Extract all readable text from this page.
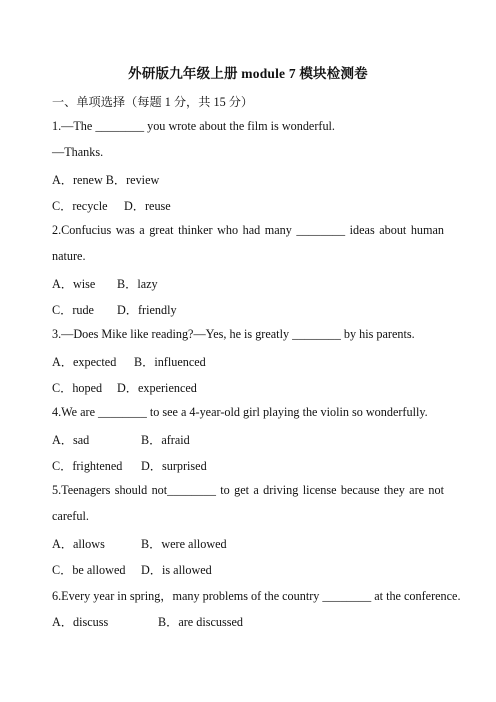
外研版九年级上册 module 7 模块检测卷
一、单项选择（每题 1 分，共 15 分）
1.—The ________ you wrote about the film is wonderful.
—Thanks.
A．renew B．review
C．recycle D．reuse
2.Confucius was a great thinker who had many ________ ideas about human
nature.
A．wise B．lazy
C．rude D．friendly
3.—Does Mike like reading?—Yes, he is greatly ________ by his parents.
A．expected B．influenced
C．hoped D．experienced
4.We are ________ to see a 4-year-old girl playing the violin so wonderfully.
A．sad	B．afraid
C．frightened D．surprised
5.Teenagers should not________ to get a driving license because they are not
careful.
A．allows	B．were allowed
C．be allowed D．is allowed
6.Every year in spring，many problems of the country ________ at the conference.
A．discuss	B．are discussed
